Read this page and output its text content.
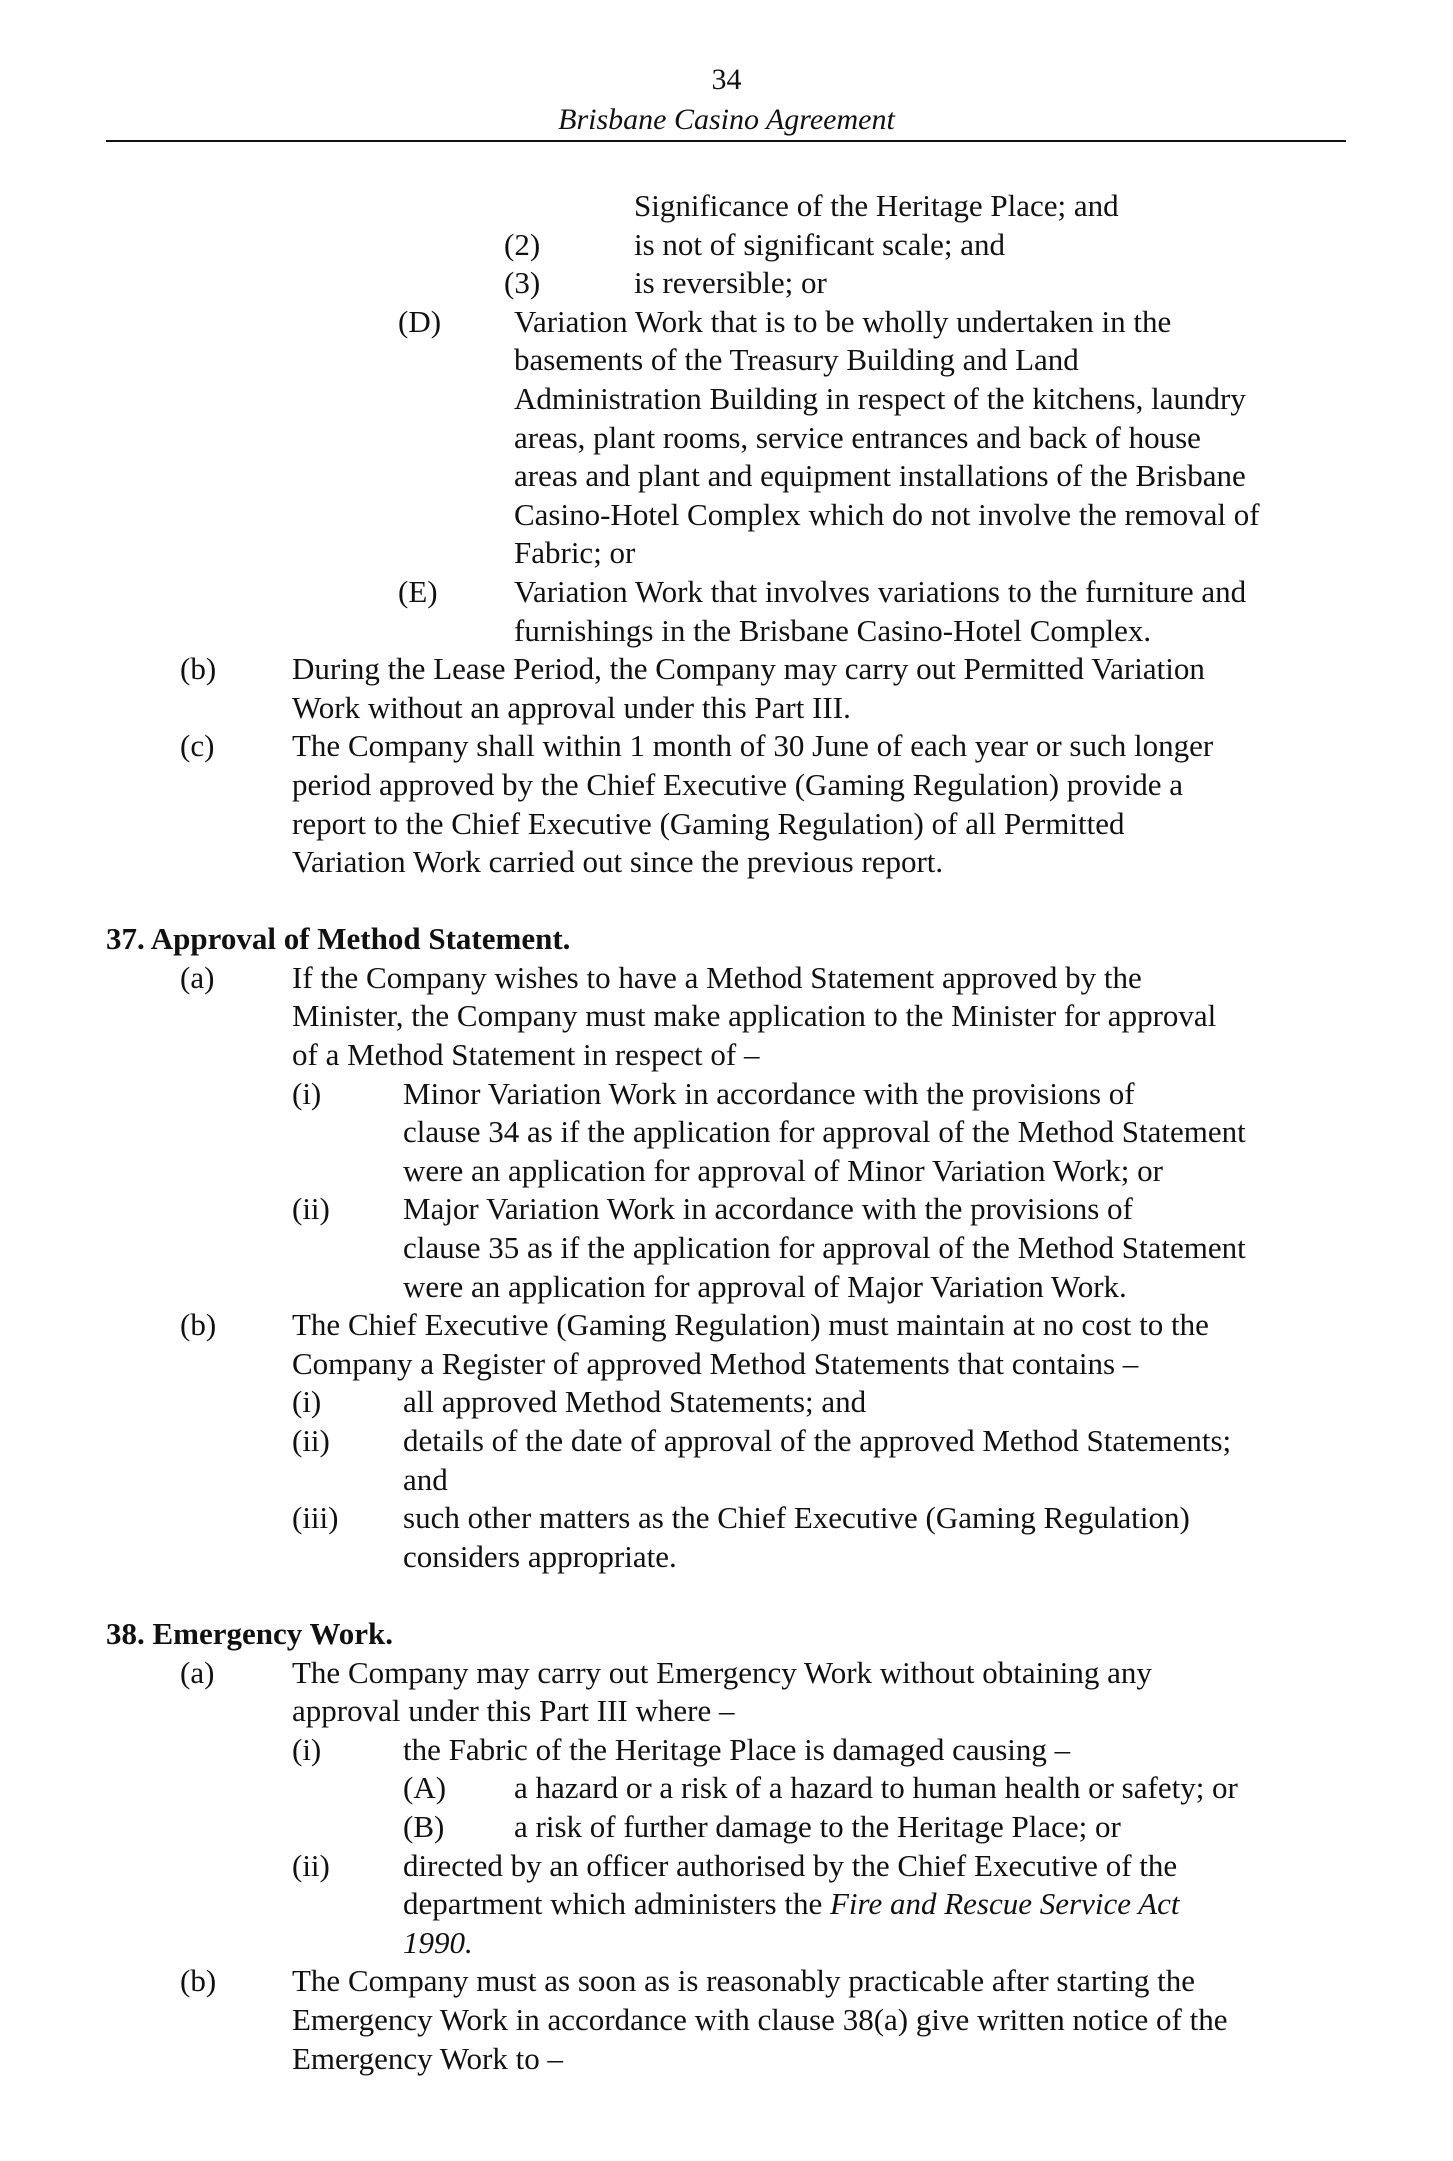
34
Brisbane Casino Agreement
Significance of the Heritage Place; and
(2)	is not of significant scale; and
(3)	is reversible; or
(D) Variation Work that is to be wholly undertaken in the
basements of the Treasury Building and Land
Administration Building in respect of the kitchens, laundry
areas, plant rooms, service entrances and back of house
areas and plant and equipment installations of the Brisbane
Casino-Hotel Complex which do not involve the removal of
Fabric; or
(E) Variation Work that involves variations to the furniture and
furnishings in the Brisbane Casino-Hotel Complex.
(b) During the Lease Period, the Company may carry out Permitted Variation
Work without an approval under this Part III.
(c)	The Company shall within 1 month of 30 June of each year or such longer
period approved by the Chief Executive (Gaming Regulation) provide a
report to the Chief Executive (Gaming Regulation) of all Permitted
Variation Work carried out since the previous report.
37. Approval of Method Statement.
(a)	If the Company wishes to have a Method Statement approved by the
Minister, the Company must make application to the Minister for approval
of a Method Statement in respect of –
(i)	Minor Variation Work in accordance with the provisions of
clause 34 as if the application for approval of the Method Statement
were an application for approval of Minor Variation Work; or
(ii) Major Variation Work in accordance with the provisions of
clause 35 as if the application for approval of the Method Statement
were an application for approval of Major Variation Work.
(b) The Chief Executive (Gaming Regulation) must maintain at no cost to the
Company a Register of approved Method Statements that contains –
(i)	all approved Method Statements; and
(ii) details of the date of approval of the approved Method Statements;
and
(iii) such other matters as the Chief Executive (Gaming Regulation)
considers appropriate.
38. Emergency Work.
(a)	The Company may carry out Emergency Work without obtaining any
approval under this Part III where –
(i)	the Fabric of the Heritage Place is damaged causing –
(A) a hazard or a risk of a hazard to human health or safety; or
(B) a risk of further damage to the Heritage Place; or
(ii) directed by an officer authorised by the Chief Executive of the
department which administers the Fire and Rescue Service Act
1990.
(b) The Company must as soon as is reasonably practicable after starting the
Emergency Work in accordance with clause 38(a) give written notice of the
Emergency Work to –
